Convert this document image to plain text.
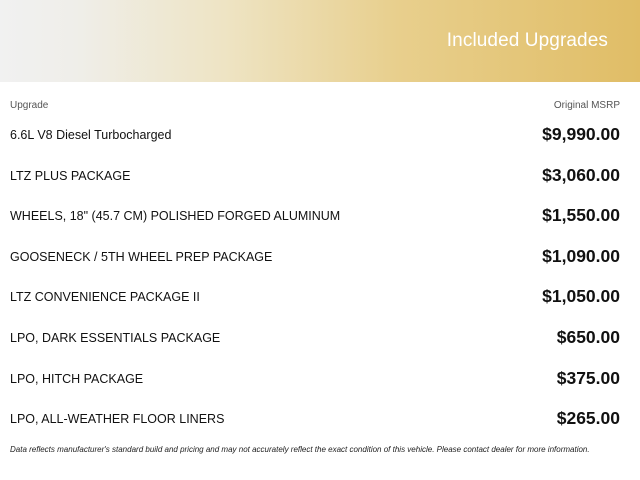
Included Upgrades
Upgrade	Original MSRP
6.6L V8 Diesel Turbocharged	$9,990.00
LTZ PLUS PACKAGE	$3,060.00
WHEELS, 18" (45.7 CM) POLISHED FORGED ALUMINUM	$1,550.00
GOOSENECK / 5TH WHEEL PREP PACKAGE	$1,090.00
LTZ CONVENIENCE PACKAGE II	$1,050.00
LPO, DARK ESSENTIALS PACKAGE	$650.00
LPO, HITCH PACKAGE	$375.00
LPO, ALL-WEATHER FLOOR LINERS	$265.00
Data reflects manufacturer's standard build and pricing and may not accurately reflect the exact condition of this vehicle. Please contact dealer for more information.
